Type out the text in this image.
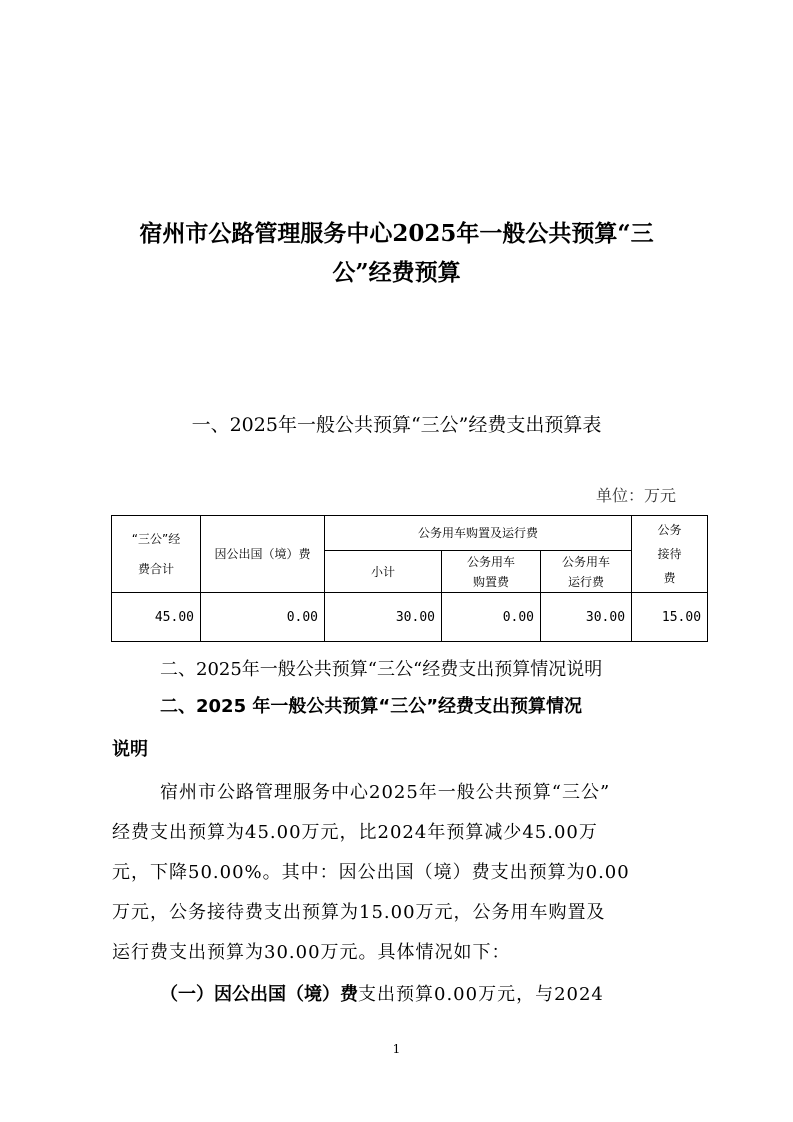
宿州市公路管理服务中心2025年一般公共预算“三
公”经费预算
一、2025年一般公共预算“三公”经费支出预算表
单位：万元
“三公”经费合计	因公出国（境）费	公务用车购置及运行费			公务接待费

		小计	公务用车购置费	公务用车运行费	

45.00	0.00	30.00	0.00	30.00	15.00
二、2025年一般公共预算“三公“经费支出预算情况说明
二、2025 年一般公共预算“三公”经费支出预算情况
说明
宿州市公路管理服务中心2025年一般公共预算“三公”
经费支出预算为45.00万元，比2024年预算减少45.00万
元，下降50.00%。其中：因公出国（境）费支出预算为0.00
万元，公务接待费支出预算为15.00万元，公务用车购置及
运行费支出预算为30.00万元。具体情况如下：
（一）因公出国（境）费支出预算0.00万元，与2024
1
